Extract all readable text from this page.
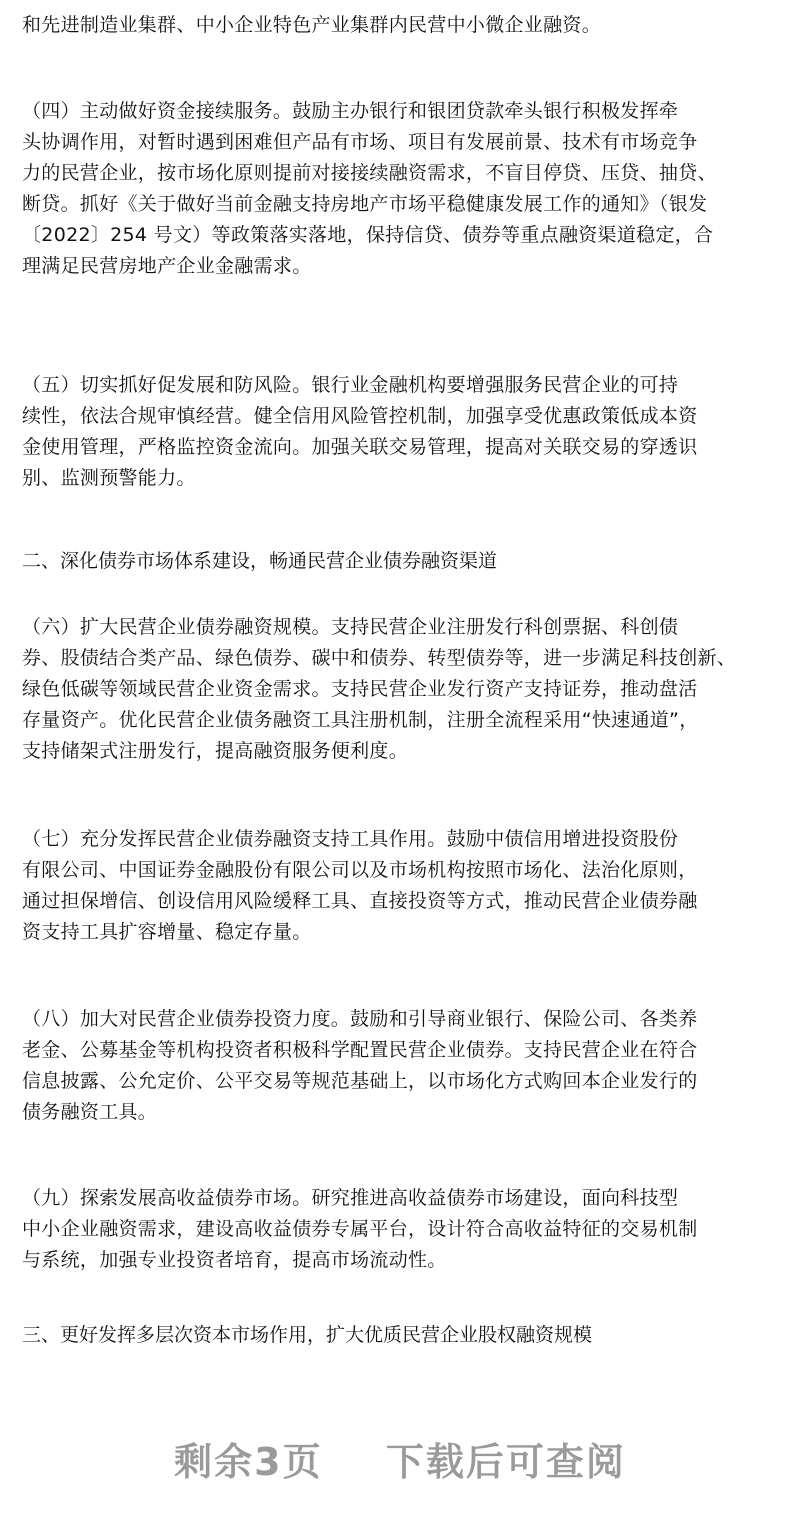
和先进制造业集群、中小企业特色产业集群内民营中小微企业融资。

（四）主动做好资金接续服务。鼓励主办银行和银团贷款牵头银行积极发挥牵
头协调作用，对暂时遇到困难但产品有市场、项目有发展前景、技术有市场竞争
力的民营企业，按市场化原则提前对接接续融资需求，不盲目停贷、压贷、抽贷、
断贷。抓好《关于做好当前金融支持房地产市场平稳健康发展工作的通知》（银发
〔2022〕254 号文）等政策落实落地，保持信贷、债券等重点融资渠道稳定，合
理满足民营房地产企业金融需求。

（五）切实抓好促发展和防风险。银行业金融机构要增强服务民营企业的可持
续性，依法合规审慎经营。健全信用风险管控机制，加强享受优惠政策低成本资
金使用管理，严格监控资金流向。加强关联交易管理，提高对关联交易的穿透识
别、监测预警能力。

二、深化债券市场体系建设，畅通民营企业债券融资渠道

（六）扩大民营企业债券融资规模。支持民营企业注册发行科创票据、科创债
券、股债结合类产品、绿色债券、碳中和债券、转型债券等，进一步满足科技创新、
绿色低碳等领域民营企业资金需求。支持民营企业发行资产支持证券，推动盘活
存量资产。优化民营企业债务融资工具注册机制，注册全流程采用“快速通道”，
支持储架式注册发行，提高融资服务便利度。

（七）充分发挥民营企业债券融资支持工具作用。鼓励中债信用增进投资股份
有限公司、中国证券金融股份有限公司以及市场机构按照市场化、法治化原则，
通过担保增信、创设信用风险缓释工具、直接投资等方式，推动民营企业债券融
资支持工具扩容增量、稳定存量。

（八）加大对民营企业债券投资力度。鼓励和引导商业银行、保险公司、各类养
老金、公募基金等机构投资者积极科学配置民营企业债券。支持民营企业在符合
信息披露、公允定价、公平交易等规范基础上，以市场化方式购回本企业发行的
债务融资工具。

（九）探索发展高收益债券市场。研究推进高收益债券市场建设，面向科技型
中小企业融资需求，建设高收益债券专属平台，设计符合高收益特征的交易机制
与系统，加强专业投资者培育，提高市场流动性。

三、更好发挥多层次资本市场作用，扩大优质民营企业股权融资规模

剩余3页 下载后可查阅
